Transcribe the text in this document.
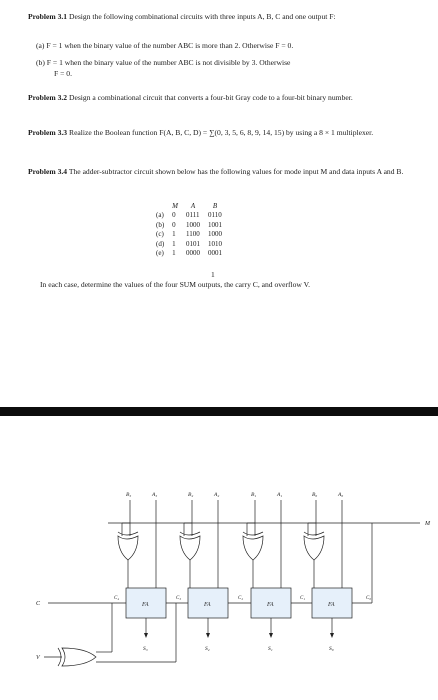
Problem 3.1 Design the following combinational circuits with three inputs A, B, C and one output F:
(a) F = 1 when the binary value of the number ABC is more than 2. Otherwise F = 0.
(b) F = 1 when the binary value of the number ABC is not divisible by 3. Otherwise
F = 0.
Problem 3.2 Design a combinational circuit that converts a four-bit Gray code to a four-bit binary number.
Problem 3.3 Realize the Boolean function F(A, B, C, D) = ∑(0, 3, 5, 6, 8, 9, 14, 15) by using a 8 × 1 multiplexer.
Problem 3.4 The adder-subtractor circuit shown below has the following values for mode input M and data inputs A and B.
	M	A	B
(a)	0	0111	0110
(b)	0	1000	1001
(c)	1	1100	1000
(d)	1	0101	1010
(e)	1	0000	0001
In each case, determine the values of the four SUM outputs, the carry C, and overflow V.
1
FA
S₃
B₃	A₃
FA
S₂
B₂	A₂
FA
S₁
B₁	A₁
FA
S₀
B₀	A₀
C₄	C₃	C₂	C₁	C₀
M
C
V
